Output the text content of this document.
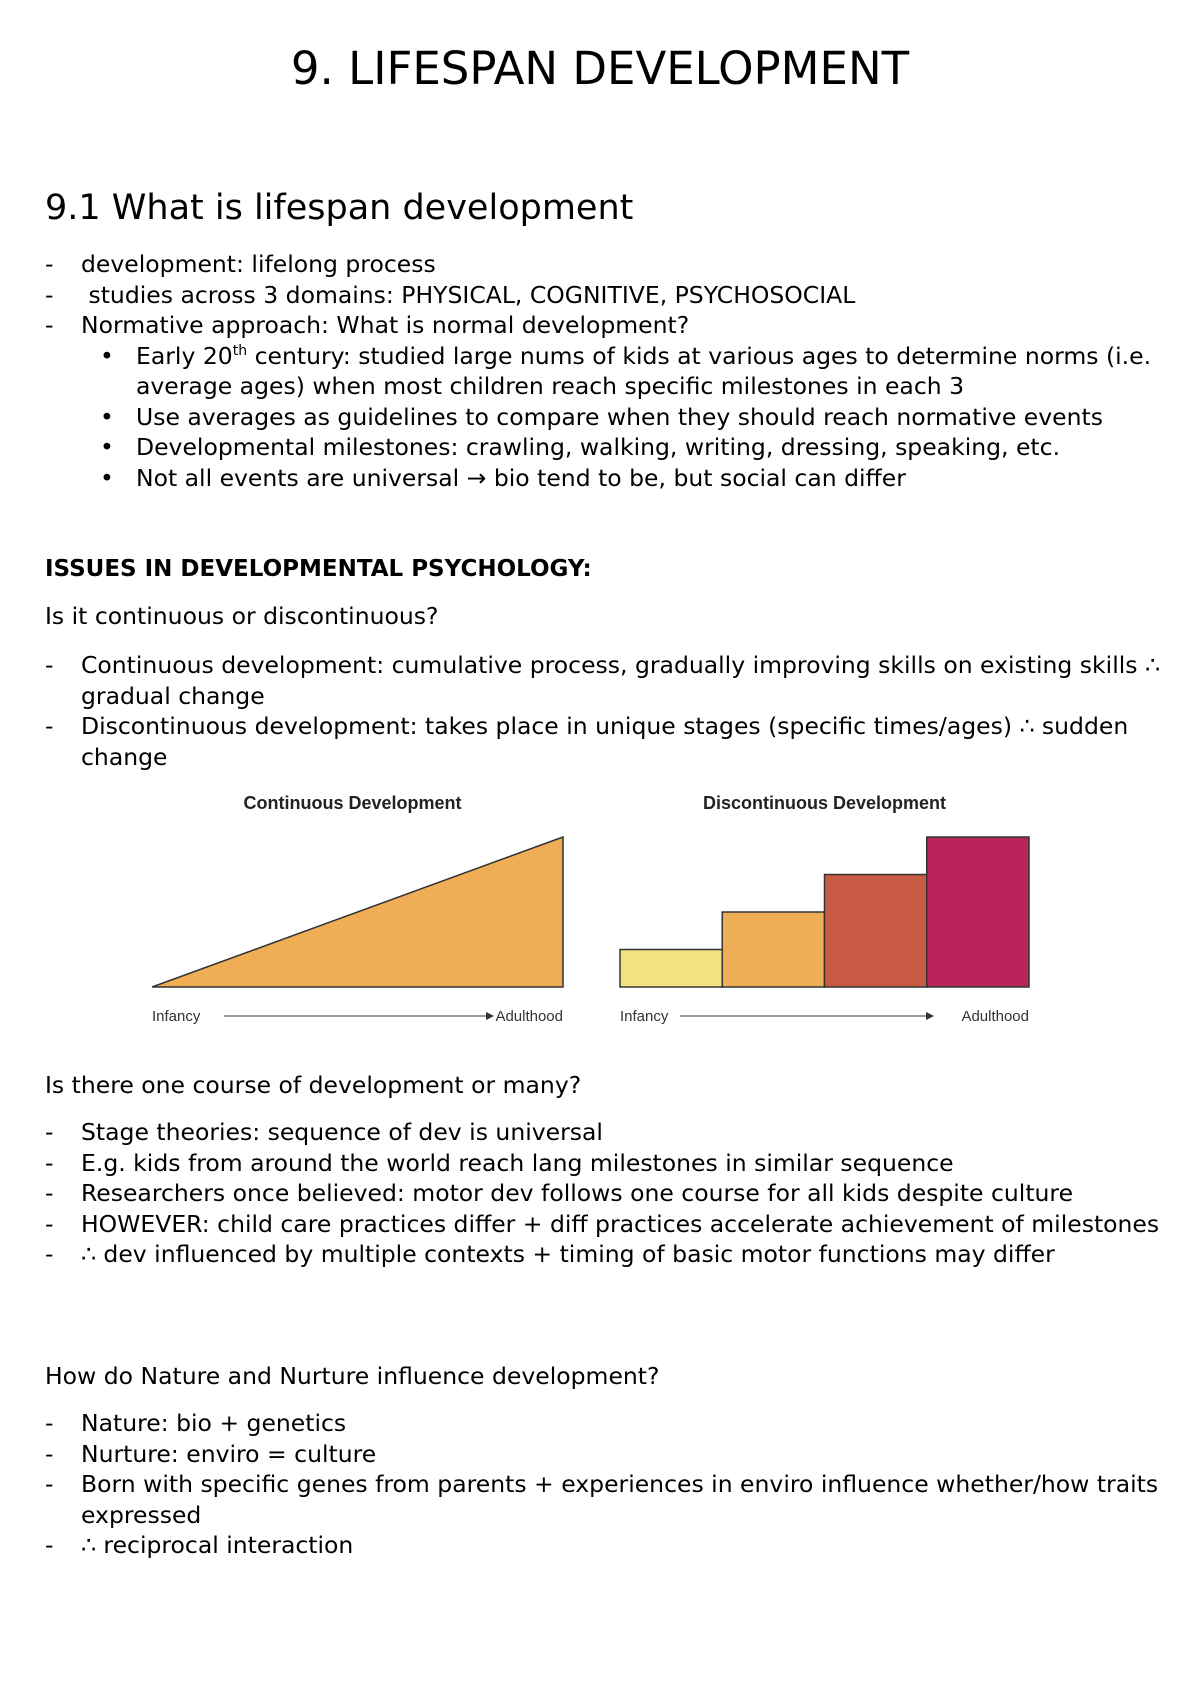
9. LIFESPAN DEVELOPMENT
9.1 What is lifespan development
-	development: lifelong process
-	studies across 3 domains: PHYSICAL, COGNITIVE, PSYCHOSOCIAL
-	Normative approach: What is normal development?
• Early 20th century: studied large nums of kids at various ages to determine norms (i.e. average ages) when most children reach specific milestones in each 3
• Use averages as guidelines to compare when they should reach normative events
• Developmental milestones: crawling, walking, writing, dressing, speaking, etc.
• Not all events are universal → bio tend to be, but social can differ
ISSUES IN DEVELOPMENTAL PSYCHOLOGY:
Is it continuous or discontinuous?
-	Continuous development: cumulative process, gradually improving skills on existing skills ∴ gradual change
-	Discontinuous development: takes place in unique stages (specific times/ages) ∴ sudden change
Continuous Development
Infancy	Adulthood
Discontinuous Development
Infancy	Adulthood
Is there one course of development or many?
-	Stage theories: sequence of dev is universal
-	E.g. kids from around the world reach lang milestones in similar sequence
-	Researchers once believed: motor dev follows one course for all kids despite culture
-	HOWEVER: child care practices differ + diff practices accelerate achievement of milestones
-	∴ dev influenced by multiple contexts + timing of basic motor functions may differ
How do Nature and Nurture influence development?
-	Nature: bio + genetics
-	Nurture: enviro = culture
-	Born with specific genes from parents + experiences in enviro influence whether/how traits expressed
-	∴ reciprocal interaction
